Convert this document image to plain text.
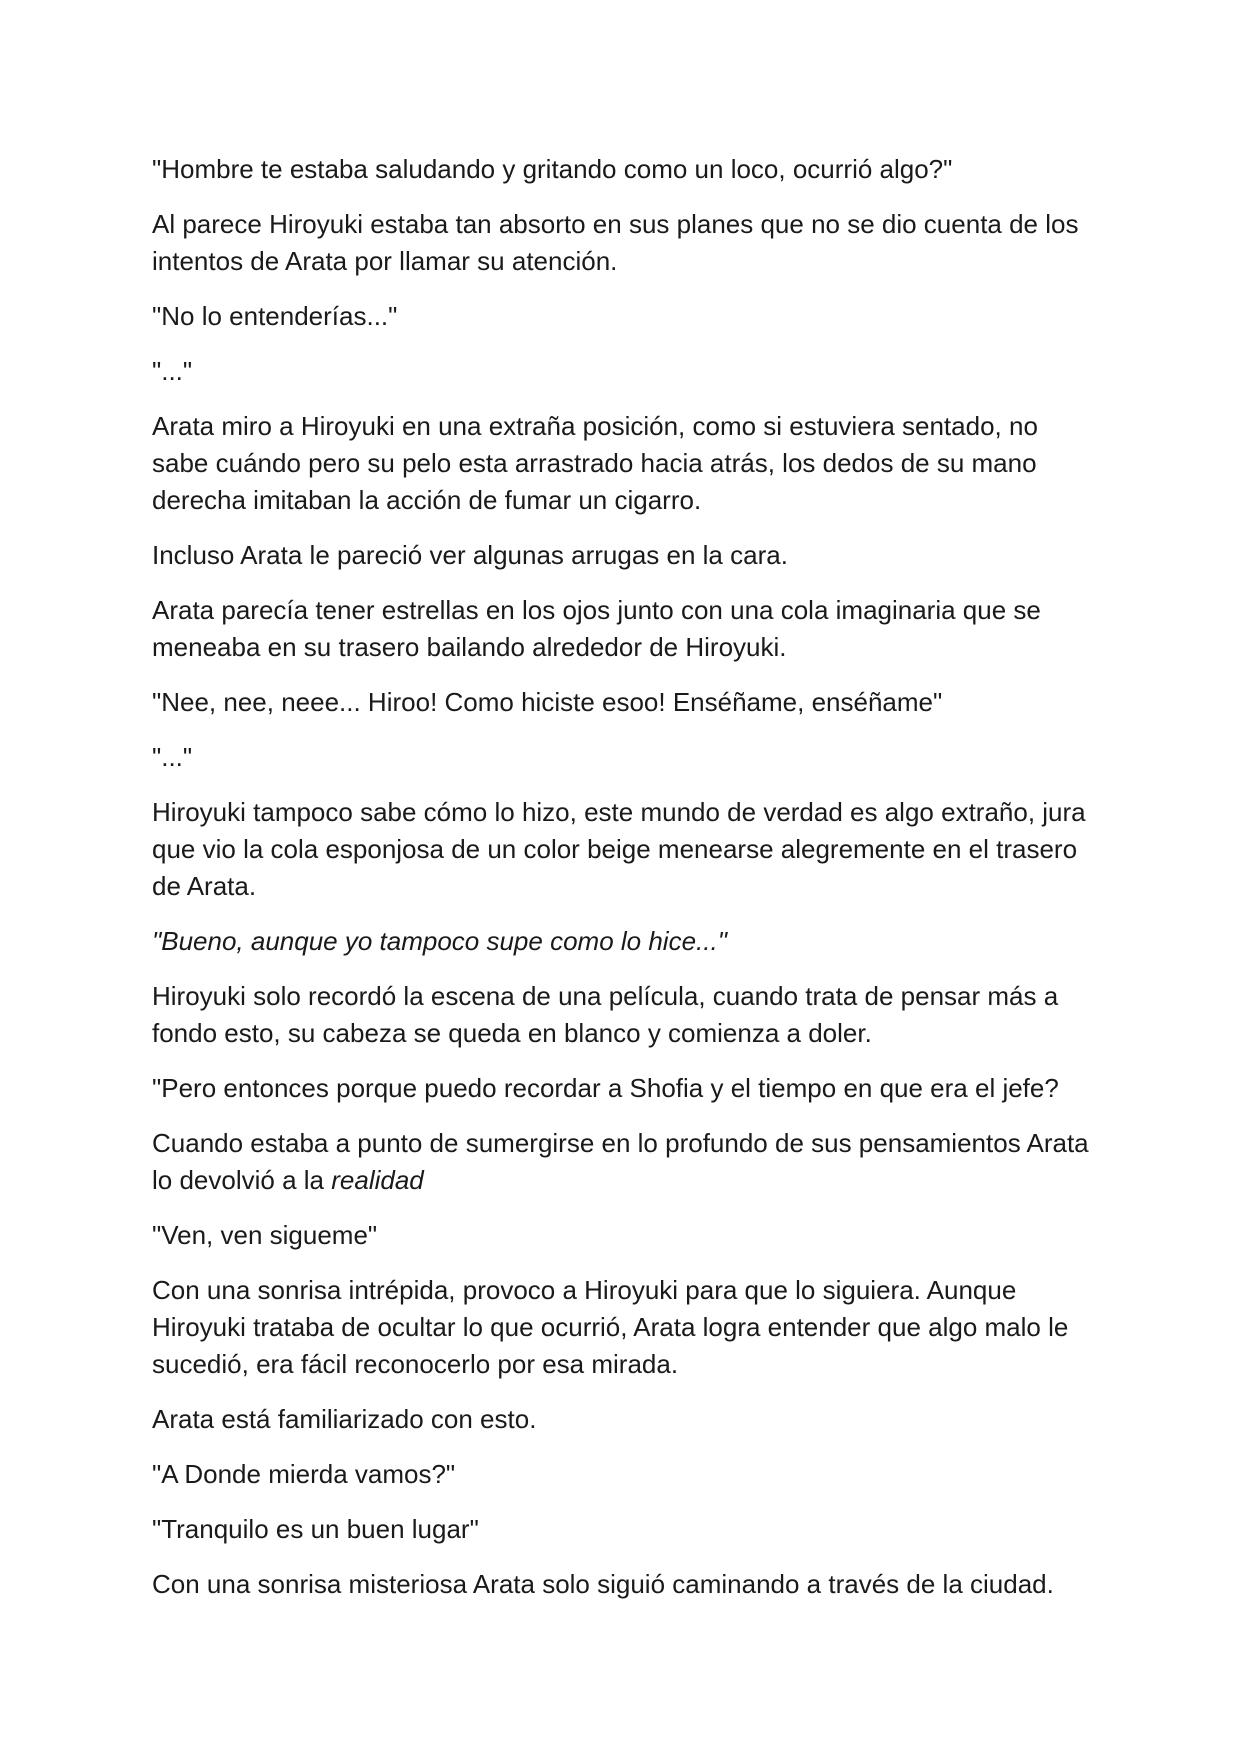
"Hombre te estaba saludando y gritando como un loco, ocurrió algo?"

Al parece Hiroyuki estaba tan absorto en sus planes que no se dio cuenta de los intentos de Arata por llamar su atención.

"No lo entenderías..."

"..."

Arata miro a Hiroyuki en una extraña posición, como si estuviera sentado, no sabe cuándo pero su pelo esta arrastrado hacia atrás, los dedos de su mano derecha imitaban la acción de fumar un cigarro.

Incluso Arata le pareció ver algunas arrugas en la cara.

Arata parecía tener estrellas en los ojos junto con una cola imaginaria que se meneaba en su trasero bailando alrededor de Hiroyuki.

"Nee, nee, neee... Hiroo! Como hiciste esoo! Enséñame, enséñame"

"..."

Hiroyuki tampoco sabe cómo lo hizo, este mundo de verdad es algo extraño, jura que vio la cola esponjosa de un color beige menearse alegremente en el trasero de Arata.

"Bueno, aunque yo tampoco supe como lo hice..."

Hiroyuki solo recordó la escena de una película, cuando trata de pensar más a fondo esto, su cabeza se queda en blanco y comienza a doler.

"Pero entonces porque puedo recordar a Shofia y el tiempo en que era el jefe?

Cuando estaba a punto de sumergirse en lo profundo de sus pensamientos Arata lo devolvió a la realidad

"Ven, ven sigueme"

Con una sonrisa intrépida, provoco a Hiroyuki para que lo siguiera. Aunque Hiroyuki trataba de ocultar lo que ocurrió, Arata logra entender que algo malo le sucedió, era fácil reconocerlo por esa mirada.

Arata está familiarizado con esto.

"A Donde mierda vamos?"

"Tranquilo es un buen lugar"

Con una sonrisa misteriosa Arata solo siguió caminando a través de la ciudad.
